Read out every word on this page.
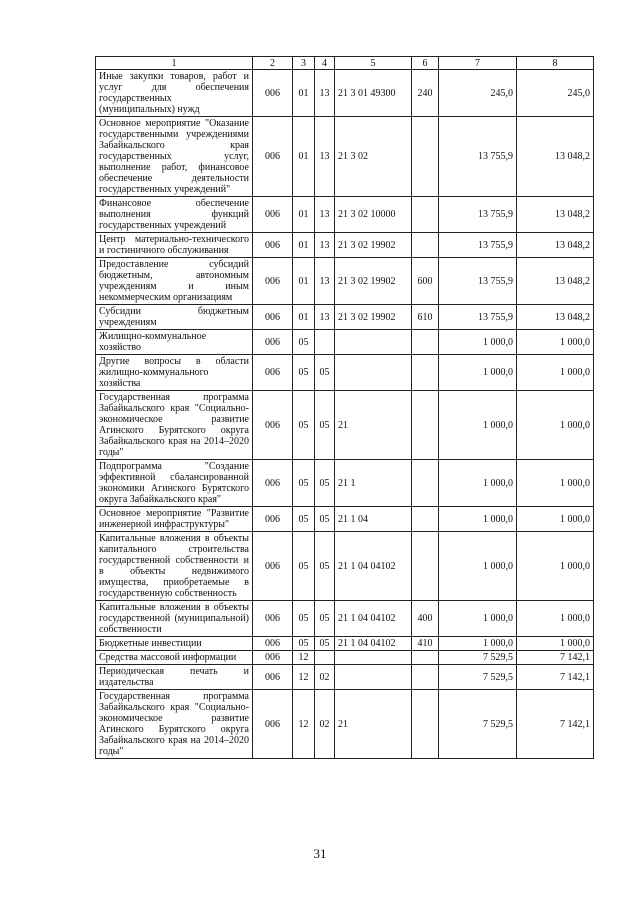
1	2	3	4	5	6	7	8
Иные закупки товаров, работ и услуг для обеспечения государственных (муниципальных) нужд	006	01	13	21 3 01 49300	240	245,0	245,0
Основное мероприятие "Оказание государственными учреждениями Забайкальского края государственных услуг, выполнение работ, финансовое обеспечение деятельности государственных учреждений"	006	01	13	21 3 02		13 755,9	13 048,2
Финансовое обеспечение выполнения функций государственных учреждений	006	01	13	21 3 02 10000		13 755,9	13 048,2
Центр материально-технического и гостиничного обслуживания	006	01	13	21 3 02 19902		13 755,9	13 048,2
Предоставление субсидий бюджетным, автономным учреждениям и иным некоммерческим организациям	006	01	13	21 3 02 19902	600	13 755,9	13 048,2
Субсидии бюджетным учреждениям	006	01	13	21 3 02 19902	610	13 755,9	13 048,2
Жилищно-коммунальное хозяйство	006	05				1 000,0	1 000,0
Другие вопросы в области жилищно-коммунального хозяйства	006	05	05			1 000,0	1 000,0
Государственная программа Забайкальского края "Социально-экономическое развитие Агинского Бурятского округа Забайкальского края на 2014–2020 годы"	006	05	05	21		1 000,0	1 000,0
Подпрограмма "Создание эффективной сбалансированной экономики Агинского Бурятского округа Забайкальского края"	006	05	05	21 1		1 000,0	1 000,0
Основное мероприятие "Развитие инженерной инфраструктуры"	006	05	05	21 1 04		1 000,0	1 000,0
Капитальные вложения в объекты капитального строительства государственной собственности и в объекты недвижимого имущества, приобретаемые в государственную собственность	006	05	05	21 1 04 04102		1 000,0	1 000,0
Капитальные вложения в объекты государственной (муниципальной) собственности	006	05	05	21 1 04 04102	400	1 000,0	1 000,0
Бюджетные инвестиции	006	05	05	21 1 04 04102	410	1 000,0	1 000,0
Средства массовой информации	006	12				7 529,5	7 142,1
Периодическая печать и издательства	006	12	02			7 529,5	7 142,1
Государственная программа Забайкальского края "Социально-экономическое развитие Агинского Бурятского округа Забайкальского края на 2014–2020 годы"	006	12	02	21		7 529,5	7 142,1
31
